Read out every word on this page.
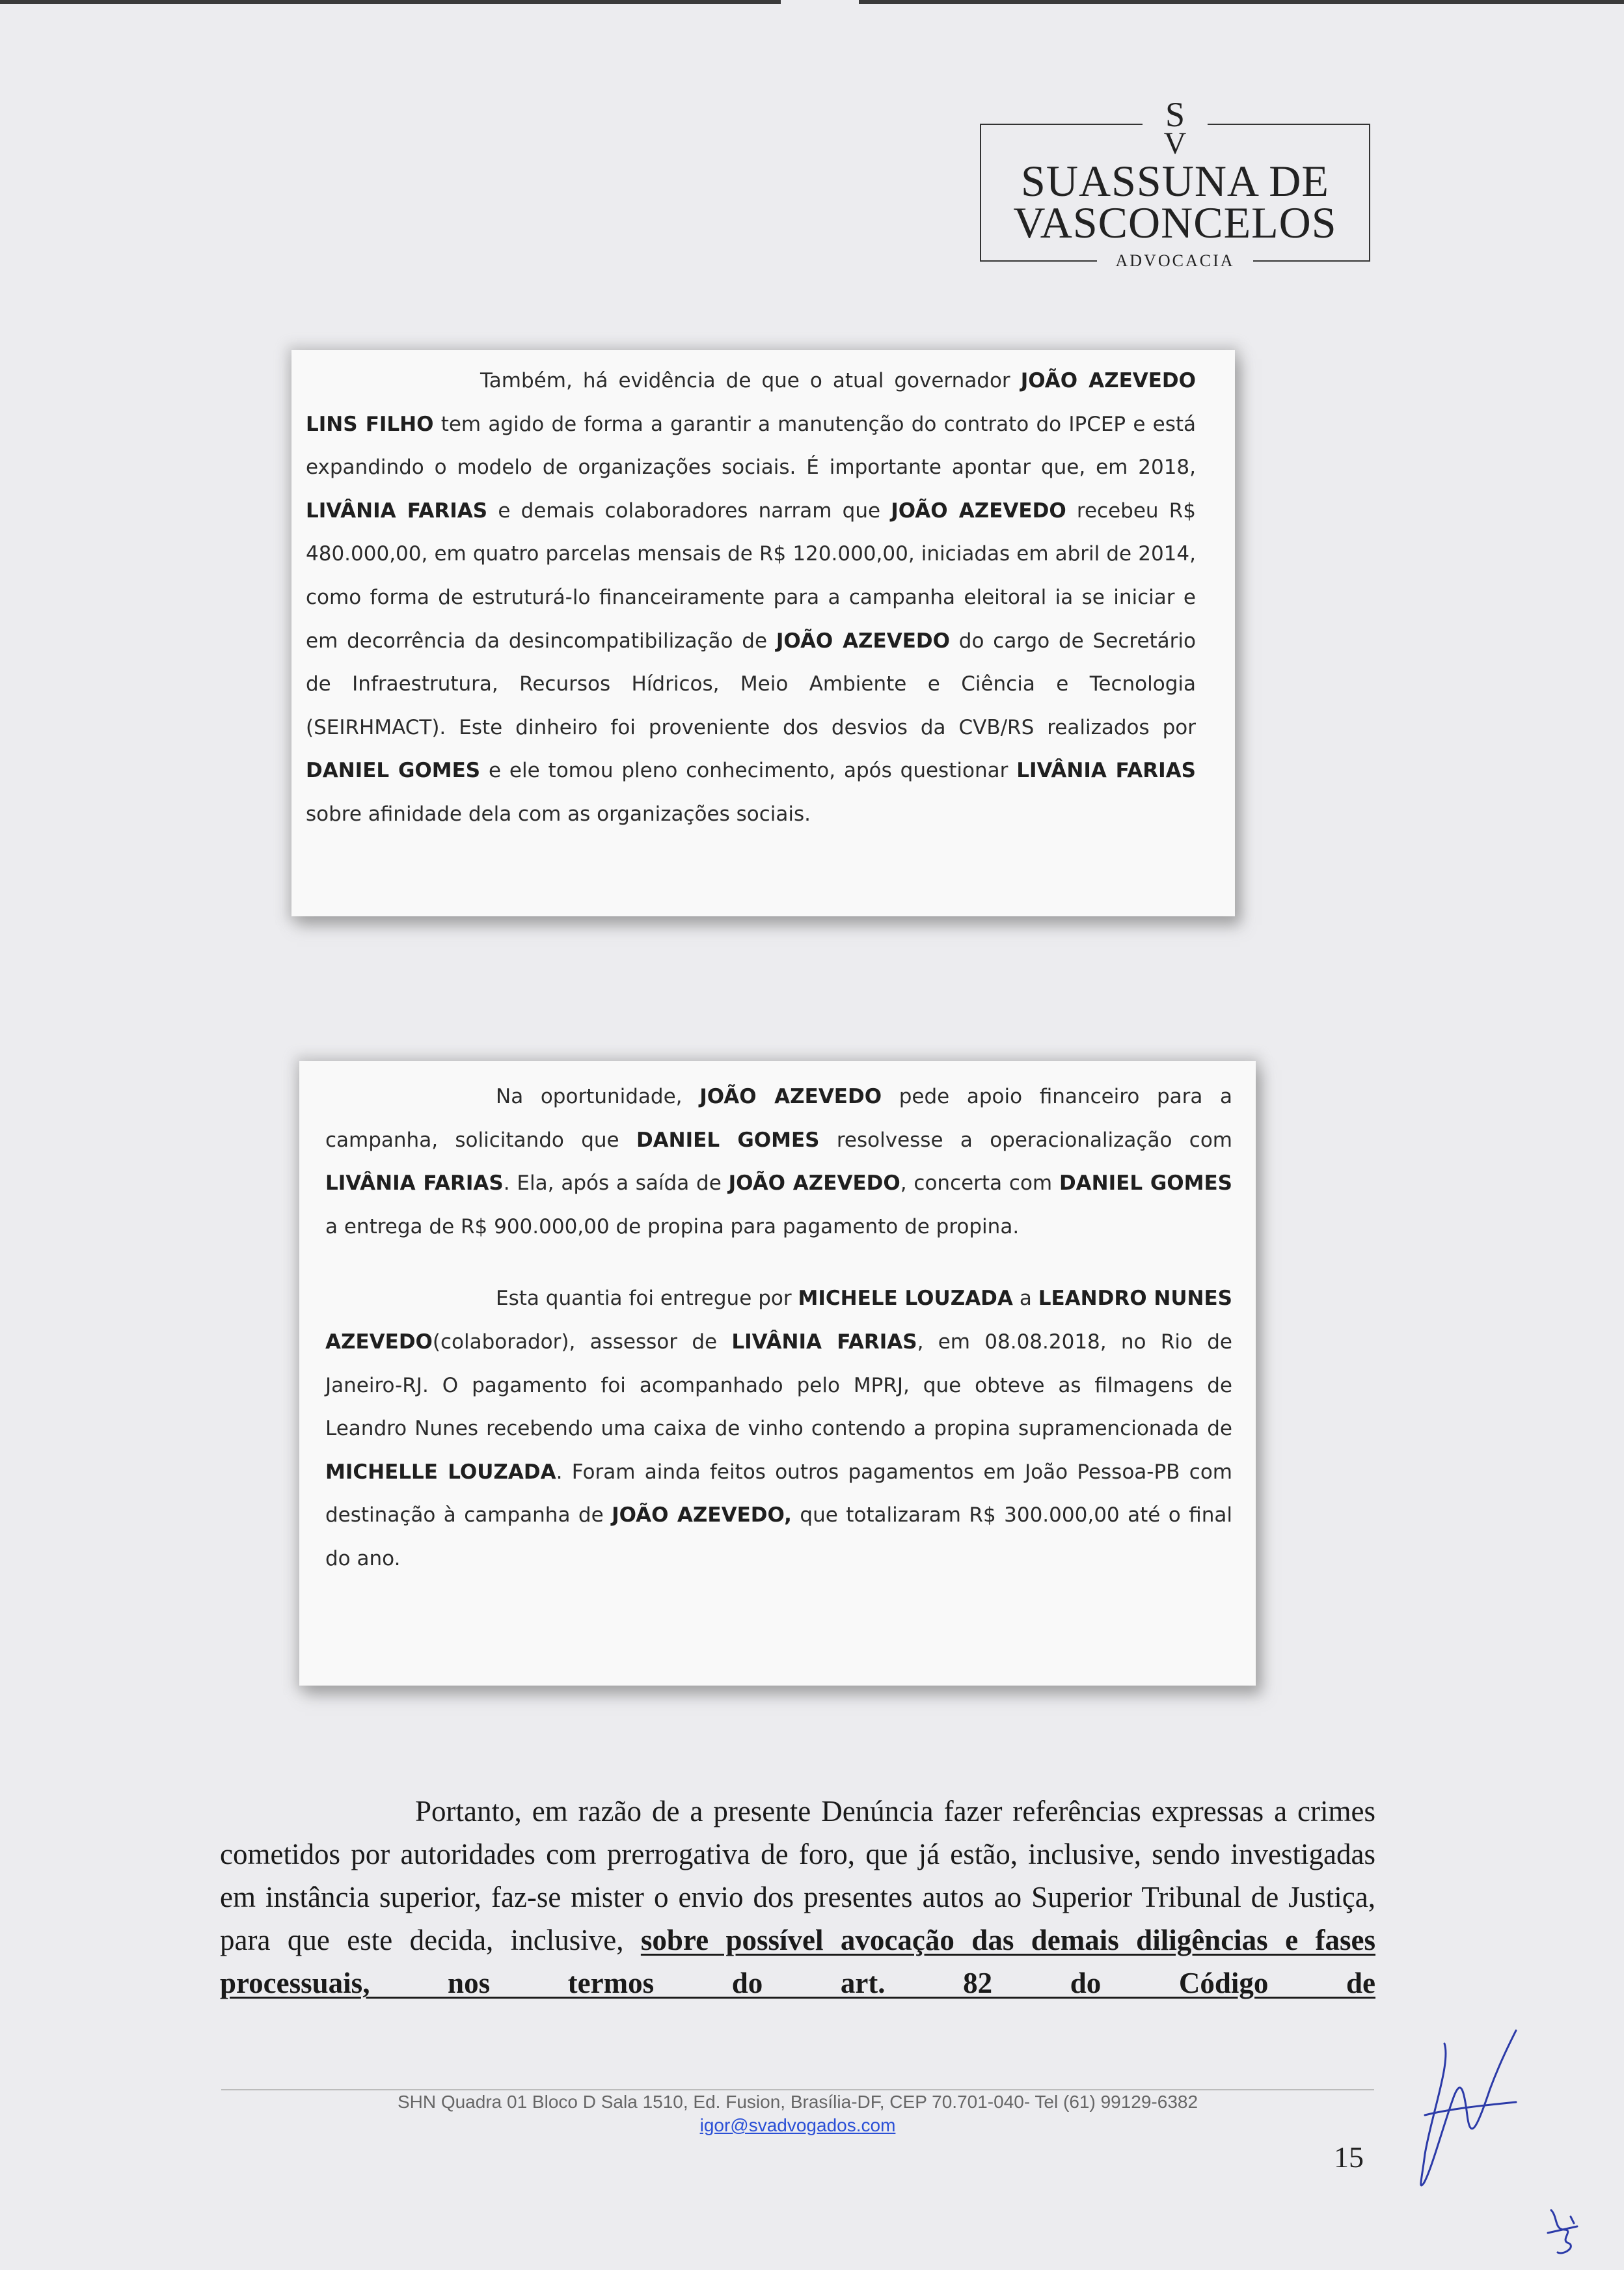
S
V
SUASSUNA DE
VASCONCELOS
ADVOCACIA

Também, há evidência de que o atual governador JOÃO AZEVEDO LINS FILHO tem agido de forma a garantir a manutenção do contrato do IPCEP e está expandindo o modelo de organizações sociais. É importante apontar que, em 2018, LIVÂNIA FARIAS e demais colaboradores narram que JOÃO AZEVEDO recebeu R$ 480.000,00, em quatro parcelas mensais de R$ 120.000,00, iniciadas em abril de 2014, como forma de estruturá-lo financeiramente para a campanha eleitoral ia se iniciar e em decorrência da desincompatibilização de JOÃO AZEVEDO do cargo de Secretário de Infraestrutura, Recursos Hídricos, Meio Ambiente e Ciência e Tecnologia (SEIRHMACT). Este dinheiro foi proveniente dos desvios da CVB/RS realizados por DANIEL GOMES e ele tomou pleno conhecimento, após questionar LIVÂNIA FARIAS sobre afinidade dela com as organizações sociais.

Na oportunidade, JOÃO AZEVEDO pede apoio financeiro para a campanha, solicitando que DANIEL GOMES resolvesse a operacionalização com LIVÂNIA FARIAS. Ela, após a saída de JOÃO AZEVEDO, concerta com DANIEL GOMES a entrega de R$ 900.000,00 de propina para pagamento de propina.

Esta quantia foi entregue por MICHELE LOUZADA a LEANDRO NUNES AZEVEDO(colaborador), assessor de LIVÂNIA FARIAS, em 08.08.2018, no Rio de Janeiro-RJ. O pagamento foi acompanhado pelo MPRJ, que obteve as filmagens de Leandro Nunes recebendo uma caixa de vinho contendo a propina supramencionada de MICHELLE LOUZADA. Foram ainda feitos outros pagamentos em João Pessoa-PB com destinação à campanha de JOÃO AZEVEDO, que totalizaram R$ 300.000,00 até o final do ano.

Portanto, em razão de a presente Denúncia fazer referências expressas a crimes cometidos por autoridades com prerrogativa de foro, que já estão, inclusive, sendo investigadas em instância superior, faz-se mister o envio dos presentes autos ao Superior Tribunal de Justiça, para que este decida, inclusive, sobre possível avocação das demais diligências e fases processuais, nos termos do art. 82 do Código de

SHN Quadra 01 Bloco D Sala 1510, Ed. Fusion, Brasília-DF, CEP 70.701-040- Tel (61) 99129-6382
igor@svadvogados.com
15
